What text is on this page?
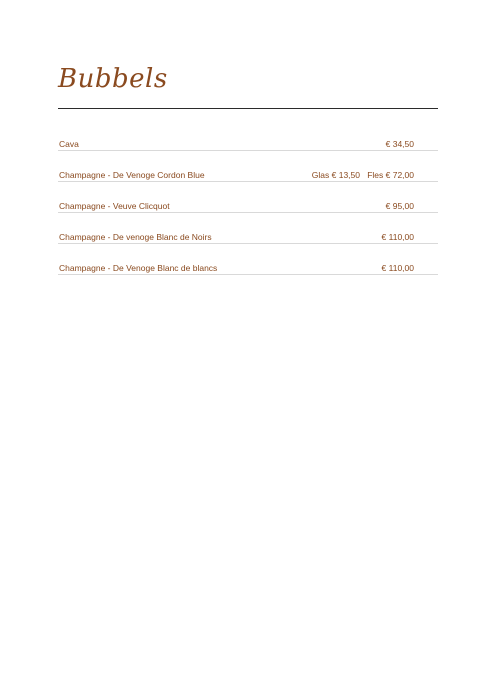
Bubbels
Cava	€ 34,50
Champagne - De Venoge Cordon Blue	Glas € 13,50 Fles € 72,00
Champagne - Veuve Clicquot	€ 95,00
Champagne - De venoge Blanc de Noirs	€ 110,00
Champagne - De Venoge Blanc de blancs	€ 110,00
